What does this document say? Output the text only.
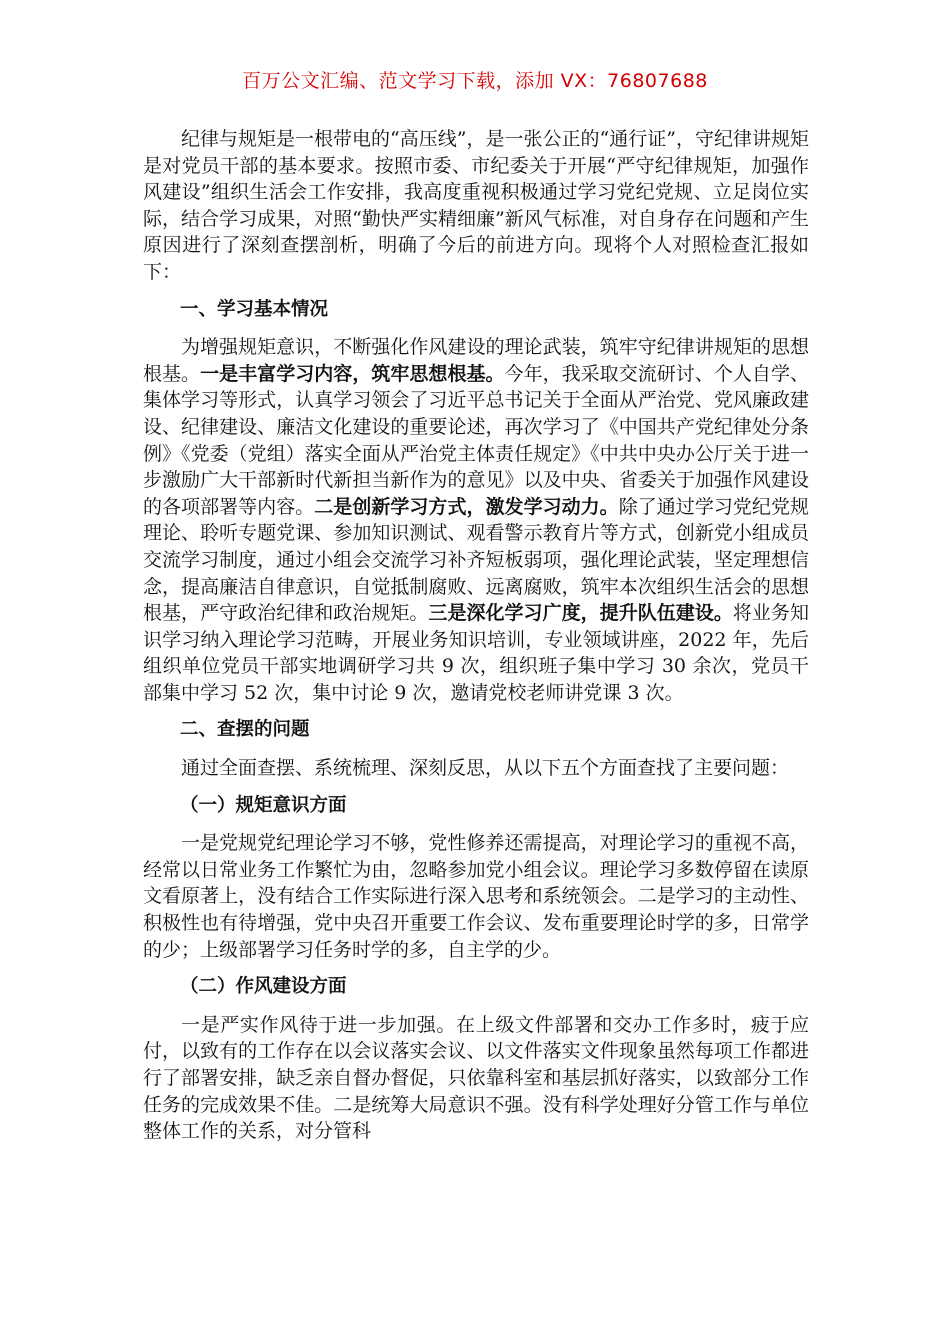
百万公文汇编、范文学习下载，添加 VX：76807688

纪律与规矩是一根带电的“高压线”，是一张公正的“通行证”，守纪律讲规矩是对党员干部的基本要求。按照市委、市纪委关于开展“严守纪律规矩，加强作风建设”组织生活会工作安排，我高度重视积极通过学习党纪党规、立足岗位实际，结合学习成果，对照“勤快严实精细廉”新风气标准，对自身存在问题和产生原因进行了深刻查摆剖析，明确了今后的前进方向。现将个人对照检查汇报如下：

一、学习基本情况

为增强规矩意识，不断强化作风建设的理论武装，筑牢守纪律讲规矩的思想根基。一是丰富学习内容，筑牢思想根基。今年，我采取交流研讨、个人自学、集体学习等形式，认真学习领会了习近平总书记关于全面从严治党、党风廉政建设、纪律建设、廉洁文化建设的重要论述，再次学习了《中国共产党纪律处分条例》《党委（党组）落实全面从严治党主体责任规定》《中共中央办公厅关于进一步激励广大干部新时代新担当新作为的意见》以及中央、省委关于加强作风建设的各项部署等内容。二是创新学习方式，激发学习动力。除了通过学习党纪党规理论、聆听专题党课、参加知识测试、观看警示教育片等方式，创新党小组成员交流学习制度，通过小组会交流学习补齐短板弱项，强化理论武装，坚定理想信念，提高廉洁自律意识，自觉抵制腐败、远离腐败，筑牢本次组织生活会的思想根基，严守政治纪律和政治规矩。三是深化学习广度，提升队伍建设。将业务知识学习纳入理论学习范畴，开展业务知识培训，专业领域讲座，2022 年，先后组织单位党员干部实地调研学习共 9 次，组织班子集中学习 30 余次，党员干部集中学习 52 次，集中讨论 9 次，邀请党校老师讲党课 3 次。

二、查摆的问题

通过全面查摆、系统梳理、深刻反思，从以下五个方面查找了主要问题：

（一）规矩意识方面

一是党规党纪理论学习不够，党性修养还需提高，对理论学习的重视不高，经常以日常业务工作繁忙为由，忽略参加党小组会议。理论学习多数停留在读原文看原著上，没有结合工作实际进行深入思考和系统领会。二是学习的主动性、积极性也有待增强，党中央召开重要工作会议、发布重要理论时学的多，日常学的少；上级部署学习任务时学的多，自主学的少。

（二）作风建设方面

一是严实作风待于进一步加强。在上级文件部署和交办工作多时，疲于应付，以致有的工作存在以会议落实会议、以文件落实文件现象虽然每项工作都进行了部署安排，缺乏亲自督办督促，只依靠科室和基层抓好落实，以致部分工作任务的完成效果不佳。二是统筹大局意识不强。没有科学处理好分管工作与单位整体工作的关系，对分管科
